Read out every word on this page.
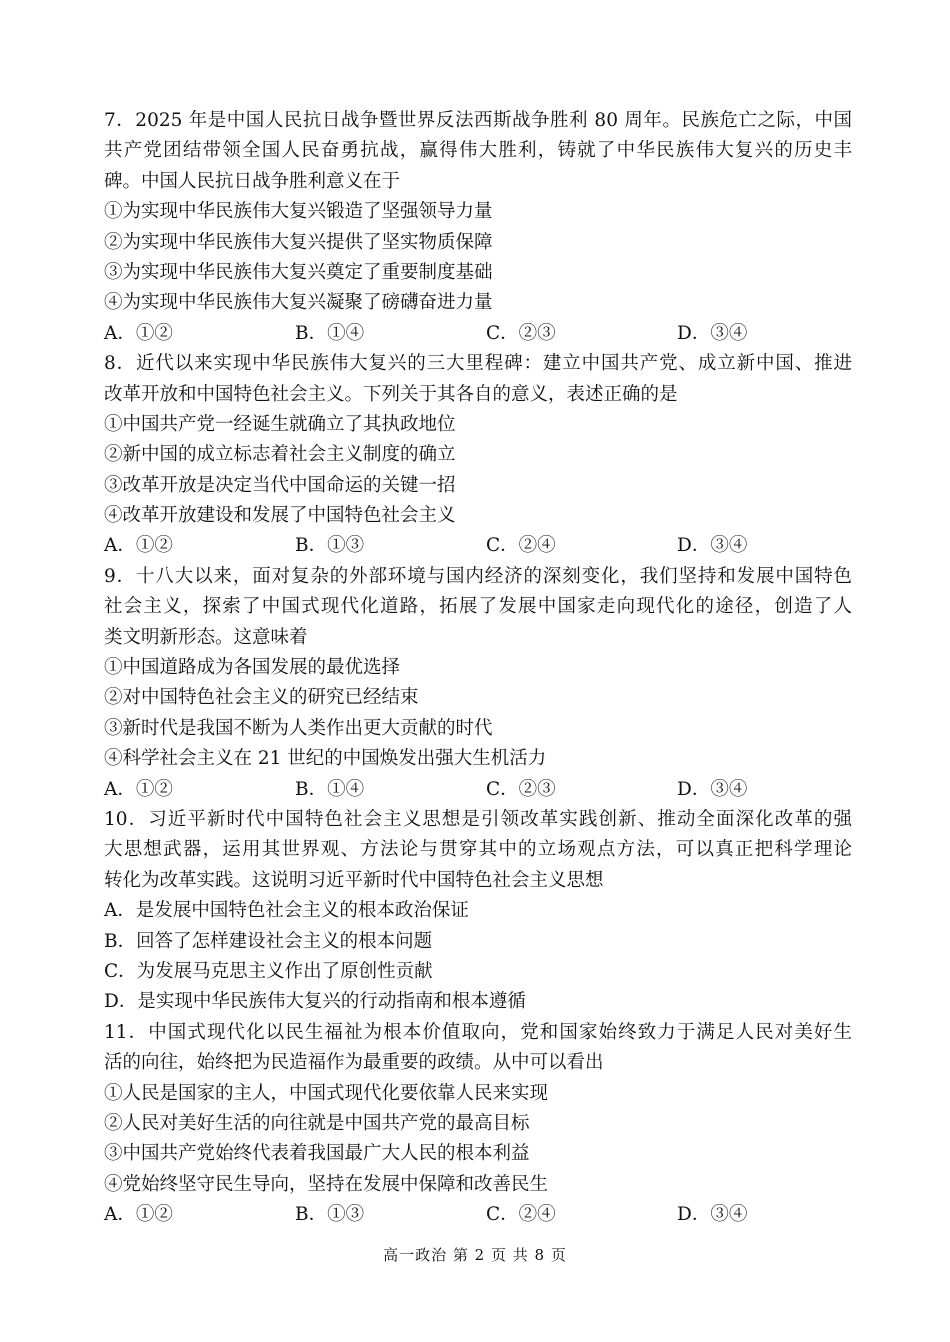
7．2025 年是中国人民抗日战争暨世界反法西斯战争胜利 80 周年。民族危亡之际，中国
共产党团结带领全国人民奋勇抗战，赢得伟大胜利，铸就了中华民族伟大复兴的历史丰
碑。中国人民抗日战争胜利意义在于
①为实现中华民族伟大复兴锻造了坚强领导力量
②为实现中华民族伟大复兴提供了坚实物质保障
③为实现中华民族伟大复兴奠定了重要制度基础
④为实现中华民族伟大复兴凝聚了磅礴奋进力量
A．①②	B．①④	C．②③	D．③④
8．近代以来实现中华民族伟大复兴的三大里程碑：建立中国共产党、成立新中国、推进
改革开放和中国特色社会主义。下列关于其各自的意义，表述正确的是
①中国共产党一经诞生就确立了其执政地位
②新中国的成立标志着社会主义制度的确立
③改革开放是决定当代中国命运的关键一招
④改革开放建设和发展了中国特色社会主义
A．①②	B．①③	C．②④	D．③④
9．十八大以来，面对复杂的外部环境与国内经济的深刻变化，我们坚持和发展中国特色
社会主义，探索了中国式现代化道路，拓展了发展中国家走向现代化的途径，创造了人
类文明新形态。这意味着
①中国道路成为各国发展的最优选择
②对中国特色社会主义的研究已经结束
③新时代是我国不断为人类作出更大贡献的时代
④科学社会主义在 21 世纪的中国焕发出强大生机活力
A．①②	B．①④	C．②③	D．③④
10．习近平新时代中国特色社会主义思想是引领改革实践创新、推动全面深化改革的强
大思想武器，运用其世界观、方法论与贯穿其中的立场观点方法，可以真正把科学理论
转化为改革实践。这说明习近平新时代中国特色社会主义思想
A．是发展中国特色社会主义的根本政治保证
B．回答了怎样建设社会主义的根本问题
C．为发展马克思主义作出了原创性贡献
D．是实现中华民族伟大复兴的行动指南和根本遵循
11．中国式现代化以民生福祉为根本价值取向，党和国家始终致力于满足人民对美好生
活的向往，始终把为民造福作为最重要的政绩。从中可以看出
①人民是国家的主人，中国式现代化要依靠人民来实现
②人民对美好生活的向往就是中国共产党的最高目标
③中国共产党始终代表着我国最广大人民的根本利益
④党始终坚守民生导向，坚持在发展中保障和改善民生
A．①②	B．①③	C．②④	D．③④
高一政治 第 2 页 共 8 页
